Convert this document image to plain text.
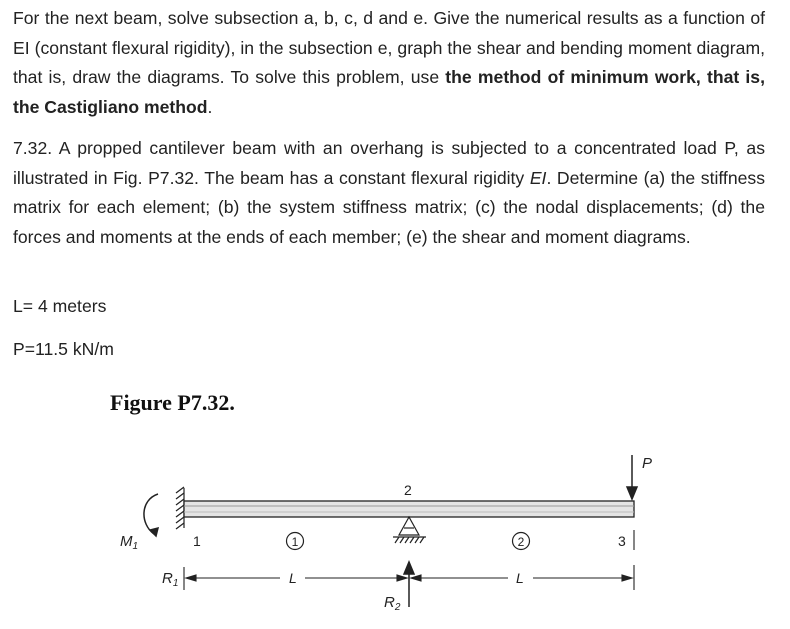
For the next beam, solve subsection a, b, c, d and e. Give the numerical results as a function of EI (constant flexural rigidity), in the subsection e, graph the shear and bending moment diagram, that is, draw the diagrams. To solve this problem, use the method of minimum work, that is, the Castigliano method.

7.32. A propped cantilever beam with an overhang is subjected to a concentrated load P, as illustrated in Fig. P7.32. The beam has a constant flexural rigidity EI. Determine (a) the stiffness matrix for each element; (b) the system stiffness matrix; (c) the nodal displacements; (d) the forces and moments at the ends of each member; (e) the shear and moment diagrams.

L= 4 meters

P=11.5 kN/m

Figure P7.32.

$M_1$	1	1
2
2	3
P
L	L
$R_1$
$R_2$
